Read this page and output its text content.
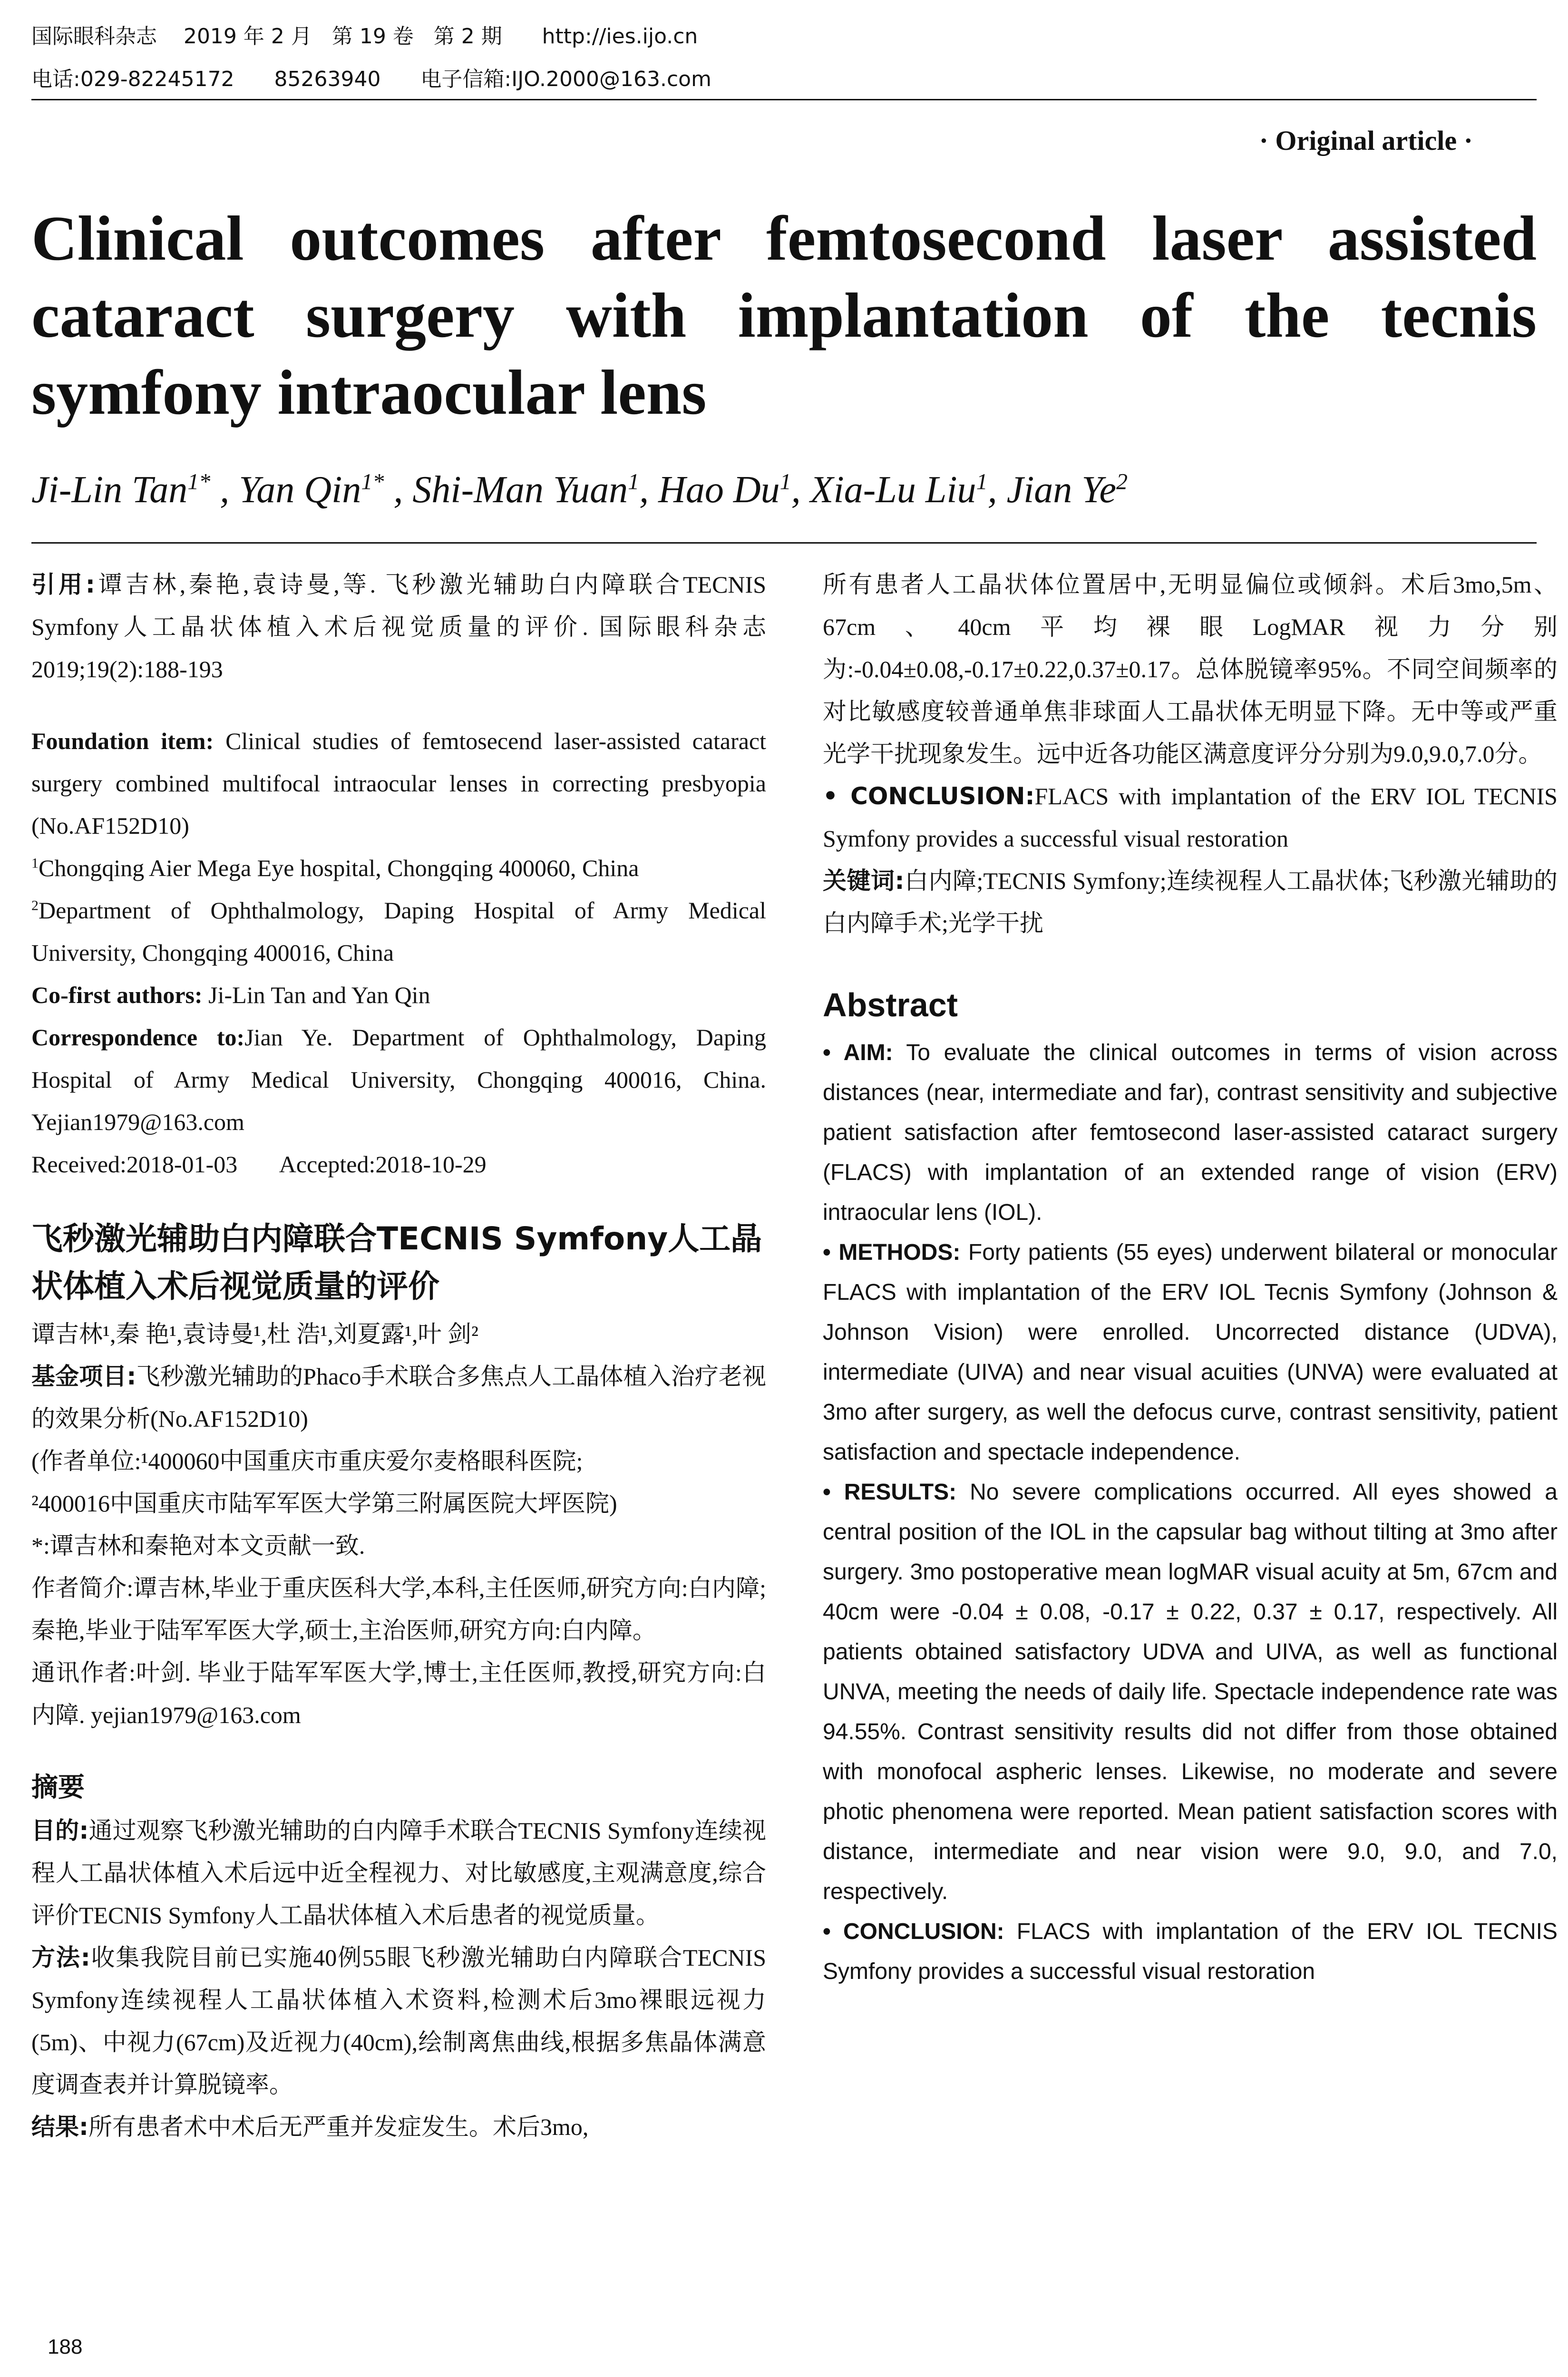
国际眼科杂志    2019 年 2 月   第 19 卷   第 2 期      http://ies.ijo.cn
电话:029-82245172      85263940      电子信箱:IJO.2000@163.com
· Original article ·
Clinical outcomes after femtosecond laser assisted cataract surgery with implantation of the tecnis symfony intraocular lens
Ji-Lin Tan$^{1*}$ , Yan Qin$^{1*}$ , Shi-Man Yuan$^1$, Hao Du$^1$, Xia-Lu Liu$^1$, Jian Ye$^2$

引用:谭吉林,秦艳,袁诗曼,等. 飞秒激光辅助白内障联合TECNIS Symfony人工晶状体植入术后视觉质量的评价. 国际眼科杂志 2019;19(2):188-193

Foundation item: Clinical studies of femtosecend laser-assisted cataract surgery combined multifocal intraocular lenses in correcting presbyopia (No.AF152D10)

$^1$Chongqing Aier Mega Eye hospital, Chongqing 400060, China

$^2$Department of Ophthalmology, Daping Hospital of Army Medical University, Chongqing 400016, China

Co-first authors: Ji-Lin Tan and Yan Qin

Correspondence to:Jian Ye. Department of Ophthalmology, Daping Hospital of Army Medical University, Chongqing 400016, China. Yejian1979@163.com

Received:2018-01-03 Accepted:2018-10-29

飞秒激光辅助白内障联合TECNIS Symfony人工晶状体植入术后视觉质量的评价

谭吉林¹,秦 艳¹,袁诗曼¹,杜 浩¹,刘夏露¹,叶 剑²

基金项目:飞秒激光辅助的Phaco手术联合多焦点人工晶体植入治疗老视的效果分析(No.AF152D10)

(作者单位:¹400060中国重庆市重庆爱尔麦格眼科医院;

²400016中国重庆市陆军军医大学第三附属医院大坪医院)

*:谭吉林和秦艳对本文贡献一致.

作者简介:谭吉林,毕业于重庆医科大学,本科,主任医师,研究方向:白内障;秦艳,毕业于陆军军医大学,硕士,主治医师,研究方向:白内障。

通讯作者:叶剑. 毕业于陆军军医大学,博士,主任医师,教授,研究方向:白内障. yejian1979@163.com

摘要

目的:通过观察飞秒激光辅助的白内障手术联合TECNIS Symfony连续视程人工晶状体植入术后远中近全程视力、对比敏感度,主观满意度,综合评价TECNIS Symfony人工晶状体植入术后患者的视觉质量。

方法:收集我院目前已实施40例55眼飞秒激光辅助白内障联合TECNIS Symfony连续视程人工晶状体植入术资料,检测术后3mo裸眼远视力(5m)、中视力(67cm)及近视力(40cm),绘制离焦曲线,根据多焦晶体满意度调查表并计算脱镜率。

结果:所有患者术中术后无严重并发症发生。术后3mo,

所有患者人工晶状体位置居中,无明显偏位或倾斜。术后3mo,5m、67cm、40cm平均裸眼LogMAR视力分别为:-0.04±0.08,-0.17±0.22,0.37±0.17。总体脱镜率95%。不同空间频率的对比敏感度较普通单焦非球面人工晶状体无明显下降。无中等或严重光学干扰现象发生。远中近各功能区满意度评分分别为9.0,9.0,7.0分。

• CONCLUSION:FLACS with implantation of the ERV IOL TECNIS Symfony provides a successful visual restoration

关键词:白内障;TECNIS Symfony;连续视程人工晶状体;飞秒激光辅助的白内障手术;光学干扰

Abstract

• AIM: To evaluate the clinical outcomes in terms of vision across distances (near, intermediate and far), contrast sensitivity and subjective patient satisfaction after femtosecond laser-assisted cataract surgery (FLACS) with implantation of an extended range of vision (ERV) intraocular lens (IOL).

• METHODS: Forty patients (55 eyes) underwent bilateral or monocular FLACS with implantation of the ERV IOL Tecnis Symfony (Johnson & Johnson Vision) were enrolled. Uncorrected distance (UDVA), intermediate (UIVA) and near visual acuities (UNVA) were evaluated at 3mo after surgery, as well the defocus curve, contrast sensitivity, patient satisfaction and spectacle independence.

• RESULTS: No severe complications occurred. All eyes showed a central position of the IOL in the capsular bag without tilting at 3mo after surgery. 3mo postoperative mean logMAR visual acuity at 5m, 67cm and 40cm were -0.04 ± 0.08, -0.17 ± 0.22, 0.37 ± 0.17, respectively. All patients obtained satisfactory UDVA and UIVA, as well as functional UNVA, meeting the needs of daily life. Spectacle independence rate was 94.55%. Contrast sensitivity results did not differ from those obtained with monofocal aspheric lenses. Likewise, no moderate and severe photic phenomena were reported. Mean patient satisfaction scores with distance, intermediate and near vision were 9.0, 9.0, and 7.0, respectively.

• CONCLUSION: FLACS with implantation of the ERV IOL TECNIS Symfony provides a successful visual restoration

188
